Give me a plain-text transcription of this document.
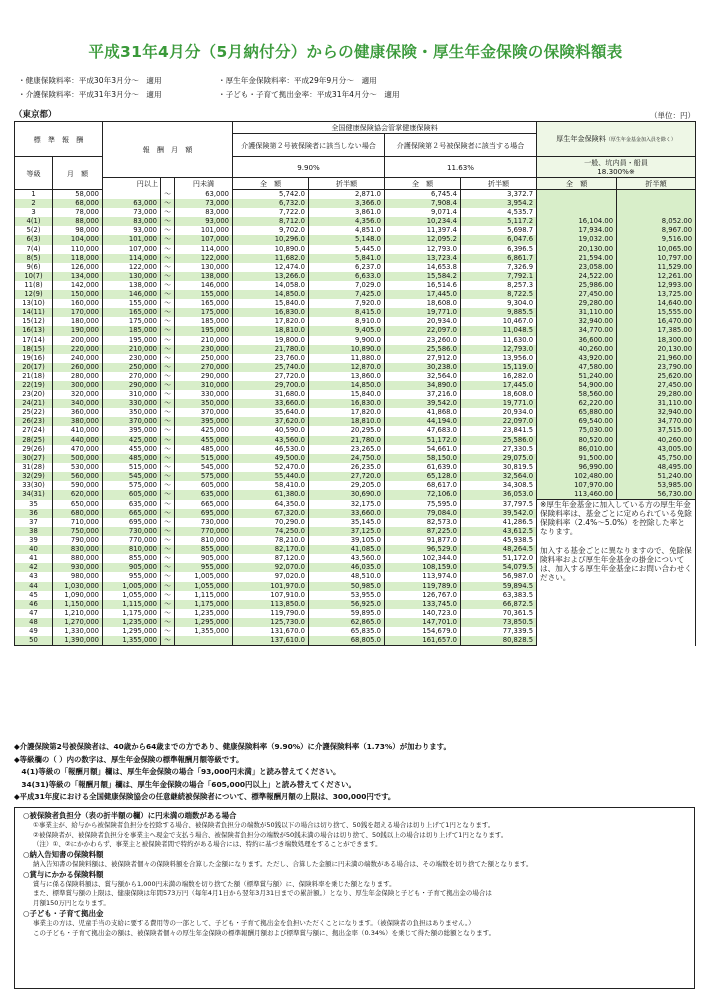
平成31年4月分（5月納付分）からの健康保険・厚生年金保険の保険料額表
・健康保険料率：平成30年3月分～　適用	・厚生年金保険料率：平成29年9月分～　適用
・介護保険料率：平成31年3月分～　適用	・子ども・子育て拠出金率：平成31年4月分～　適用
（東京都）	（単位：円）
標　準　報　酬		報　酬　月　額			全国健康保険協会管掌健康保険料				厚生年金保険料（厚生年金基金加入員を除く）	
					介護保険第２号被保険者に該当しない場合		介護保険第２号被保険者に該当する場合			
等級	月　額				9.90%		11.63%		一般、坑内員・船員
18.300%※	

		円以上		円未満	全　額	折半額	全　額	折半額	全　額	折半額
1	58,000		～	63,000	5,742.0	2,871.0	6,745.4	3,372.7		
2	68,000	63,000	～	73,000	6,732.0	3,366.0	7,908.4	3,954.2		
3	78,000	73,000	～	83,000	7,722.0	3,861.0	9,071.4	4,535.7		
4(1)	88,000	83,000	～	93,000	8,712.0	4,356.0	10,234.4	5,117.2	16,104.00	8,052.00
5(2)	98,000	93,000	～	101,000	9,702.0	4,851.0	11,397.4	5,698.7	17,934.00	8,967.00
6(3)	104,000	101,000	～	107,000	10,296.0	5,148.0	12,095.2	6,047.6	19,032.00	9,516.00
7(4)	110,000	107,000	～	114,000	10,890.0	5,445.0	12,793.0	6,396.5	20,130.00	10,065.00
8(5)	118,000	114,000	～	122,000	11,682.0	5,841.0	13,723.4	6,861.7	21,594.00	10,797.00
9(6)	126,000	122,000	～	130,000	12,474.0	6,237.0	14,653.8	7,326.9	23,058.00	11,529.00
10(7)	134,000	130,000	～	138,000	13,266.0	6,633.0	15,584.2	7,792.1	24,522.00	12,261.00
11(8)	142,000	138,000	～	146,000	14,058.0	7,029.0	16,514.6	8,257.3	25,986.00	12,993.00
12(9)	150,000	146,000	～	155,000	14,850.0	7,425.0	17,445.0	8,722.5	27,450.00	13,725.00
13(10)	160,000	155,000	～	165,000	15,840.0	7,920.0	18,608.0	9,304.0	29,280.00	14,640.00
14(11)	170,000	165,000	～	175,000	16,830.0	8,415.0	19,771.0	9,885.5	31,110.00	15,555.00
15(12)	180,000	175,000	～	185,000	17,820.0	8,910.0	20,934.0	10,467.0	32,940.00	16,470.00
16(13)	190,000	185,000	～	195,000	18,810.0	9,405.0	22,097.0	11,048.5	34,770.00	17,385.00
17(14)	200,000	195,000	～	210,000	19,800.0	9,900.0	23,260.0	11,630.0	36,600.00	18,300.00
18(15)	220,000	210,000	～	230,000	21,780.0	10,890.0	25,586.0	12,793.0	40,260.00	20,130.00
19(16)	240,000	230,000	～	250,000	23,760.0	11,880.0	27,912.0	13,956.0	43,920.00	21,960.00
20(17)	260,000	250,000	～	270,000	25,740.0	12,870.0	30,238.0	15,119.0	47,580.00	23,790.00
21(18)	280,000	270,000	～	290,000	27,720.0	13,860.0	32,564.0	16,282.0	51,240.00	25,620.00
22(19)	300,000	290,000	～	310,000	29,700.0	14,850.0	34,890.0	17,445.0	54,900.00	27,450.00
23(20)	320,000	310,000	～	330,000	31,680.0	15,840.0	37,216.0	18,608.0	58,560.00	29,280.00
24(21)	340,000	330,000	～	350,000	33,660.0	16,830.0	39,542.0	19,771.0	62,220.00	31,110.00
25(22)	360,000	350,000	～	370,000	35,640.0	17,820.0	41,868.0	20,934.0	65,880.00	32,940.00
26(23)	380,000	370,000	～	395,000	37,620.0	18,810.0	44,194.0	22,097.0	69,540.00	34,770.00
27(24)	410,000	395,000	～	425,000	40,590.0	20,295.0	47,683.0	23,841.5	75,030.00	37,515.00
28(25)	440,000	425,000	～	455,000	43,560.0	21,780.0	51,172.0	25,586.0	80,520.00	40,260.00
29(26)	470,000	455,000	～	485,000	46,530.0	23,265.0	54,661.0	27,330.5	86,010.00	43,005.00
30(27)	500,000	485,000	～	515,000	49,500.0	24,750.0	58,150.0	29,075.0	91,500.00	45,750.00
31(28)	530,000	515,000	～	545,000	52,470.0	26,235.0	61,639.0	30,819.5	96,990.00	48,495.00
32(29)	560,000	545,000	～	575,000	55,440.0	27,720.0	65,128.0	32,564.0	102,480.00	51,240.00
33(30)	590,000	575,000	～	605,000	58,410.0	29,205.0	68,617.0	34,308.5	107,970.00	53,985.00
34(31)	620,000	605,000	～	635,000	61,380.0	30,690.0	72,106.0	36,053.0	113,460.00	56,730.00
35	650,000	635,000	～	665,000	64,350.0	32,175.0	75,595.0	37,797.5	※厚生年金基金に加入している方の厚生年金保険料率は、基金ごとに定められている免除保険料率（2.4%～5.0%）を控除した率となります。

加入する基金ごとに異なりますので、免除保険料率および厚生年金基金の掛金については、加入する厚生年金基金にお問い合わせください。	
36	680,000	665,000	～	695,000	67,320.0	33,660.0	79,084.0	39,542.0		
37	710,000	695,000	～	730,000	70,290.0	35,145.0	82,573.0	41,286.5		
38	750,000	730,000	～	770,000	74,250.0	37,125.0	87,225.0	43,612.5		
39	790,000	770,000	～	810,000	78,210.0	39,105.0	91,877.0	45,938.5		
40	830,000	810,000	～	855,000	82,170.0	41,085.0	96,529.0	48,264.5		
41	880,000	855,000	～	905,000	87,120.0	43,560.0	102,344.0	51,172.0		
42	930,000	905,000	～	955,000	92,070.0	46,035.0	108,159.0	54,079.5		
43	980,000	955,000	～	1,005,000	97,020.0	48,510.0	113,974.0	56,987.0		
44	1,030,000	1,005,000	～	1,055,000	101,970.0	50,985.0	119,789.0	59,894.5		
45	1,090,000	1,055,000	～	1,115,000	107,910.0	53,955.0	126,767.0	63,383.5		
46	1,150,000	1,115,000	～	1,175,000	113,850.0	56,925.0	133,745.0	66,872.5		
47	1,210,000	1,175,000	～	1,235,000	119,790.0	59,895.0	140,723.0	70,361.5		
48	1,270,000	1,235,000	～	1,295,000	125,730.0	62,865.0	147,701.0	73,850.5		
49	1,330,000	1,295,000	～	1,355,000	131,670.0	65,835.0	154,679.0	77,339.5		
50	1,390,000	1,355,000	～		137,610.0	68,805.0	161,657.0	80,828.5		
◆介護保険第2号被保険者は、40歳から64歳までの方であり、健康保険料率（9.90%）に介護保険料率（1.73%）が加わります。
◆等級欄の（ ）内の数字は、厚生年金保険の標準報酬月額等級です。
　4(1)等級の「報酬月額」欄は、厚生年金保険の場合「93,000円未満」と読み替えてください。
　34(31)等級の「報酬月額」欄は、厚生年金保険の場合「605,000円以上」と読み替えてください。
◆平成31年度における全国健康保険協会の任意継続被保険者について、標準報酬月額の上限は、300,000円です。
○被保険者負担分（表の折半額の欄）に円未満の端数がある場合
①事業主が、給与から被保険者負担分を控除する場合、被保険者負担分の端数が50銭以下の場合は切り捨て、50銭を超える場合は切り上げて1円となります。
②被保険者が、被保険者負担分を事業主へ現金で支払う場合、被保険者負担分の端数が50銭未満の場合は切り捨て、50銭以上の場合は切り上げて1円となります。
（注）①、②にかかわらず、事業主と被保険者間で特約がある場合には、特約に基づき端数処理をすることができます。
○納入告知書の保険料額
納入告知書の保険料額は、被保険者個々の保険料額を合算した金額になります。ただし、合算した金額に円未満の端数がある場合は、その端数を切り捨てた額となります。
○賞与にかかる保険料額
賞与に係る保険料額は、賞与額から1,000円未満の端数を切り捨てた額（標準賞与額）に、保険料率を乗じた額となります。
また、標準賞与額の上限は、健康保険は年間573万円（毎年4月1日から翌年3月31日までの累計額。）となり、厚生年金保険と子ども・子育て拠出金の場合は
月額150万円となります。
○子ども・子育て拠出金
事業主の方は、児童手当の支給に要する費用等の一部として、子ども・子育て拠出金を負担いただくことになります。（被保険者の負担はありません。）
この子ども・子育て拠出金の額は、被保険者個々の厚生年金保険の標準報酬月額および標準賞与額に、拠出金率（0.34%）を乗じて得た額の総額となります。
